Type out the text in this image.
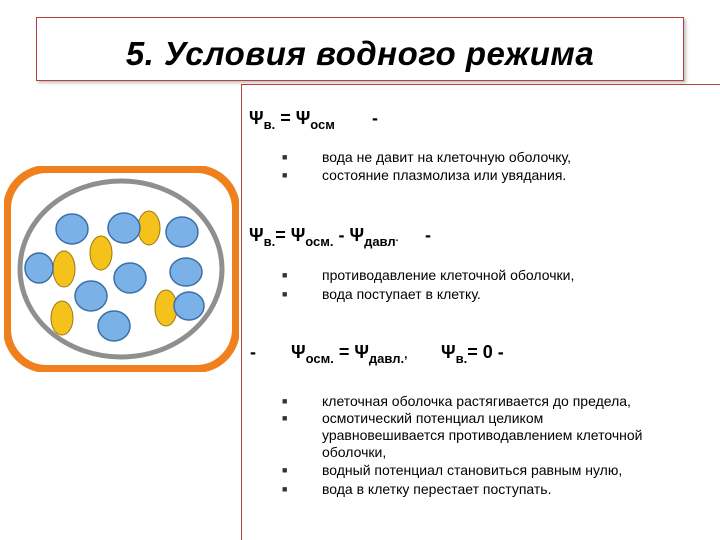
5. Условия водного режима
$\Psi_{в.} = \Psi_{осм}$ -
■ вода не давит на клеточную оболочку,
■ состояние плазмолиза или увядания.
$\Psi_{в.}= \Psi_{осм.} - \Psi_{давл}$. -
■ противодавление клеточной оболочки,
■ вода поступает в клетку.
- $\Psi_{осм.} = \Psi_{давл.}$, $\Psi_{в.}= 0$ -
■ клеточная оболочка растягивается до предела,
■ осмотический потенциал целиком
уравновешивается противодавлением клеточной
оболочки,
■ водный потенциал становиться равным нулю,
■ вода в клетку перестает поступать.
